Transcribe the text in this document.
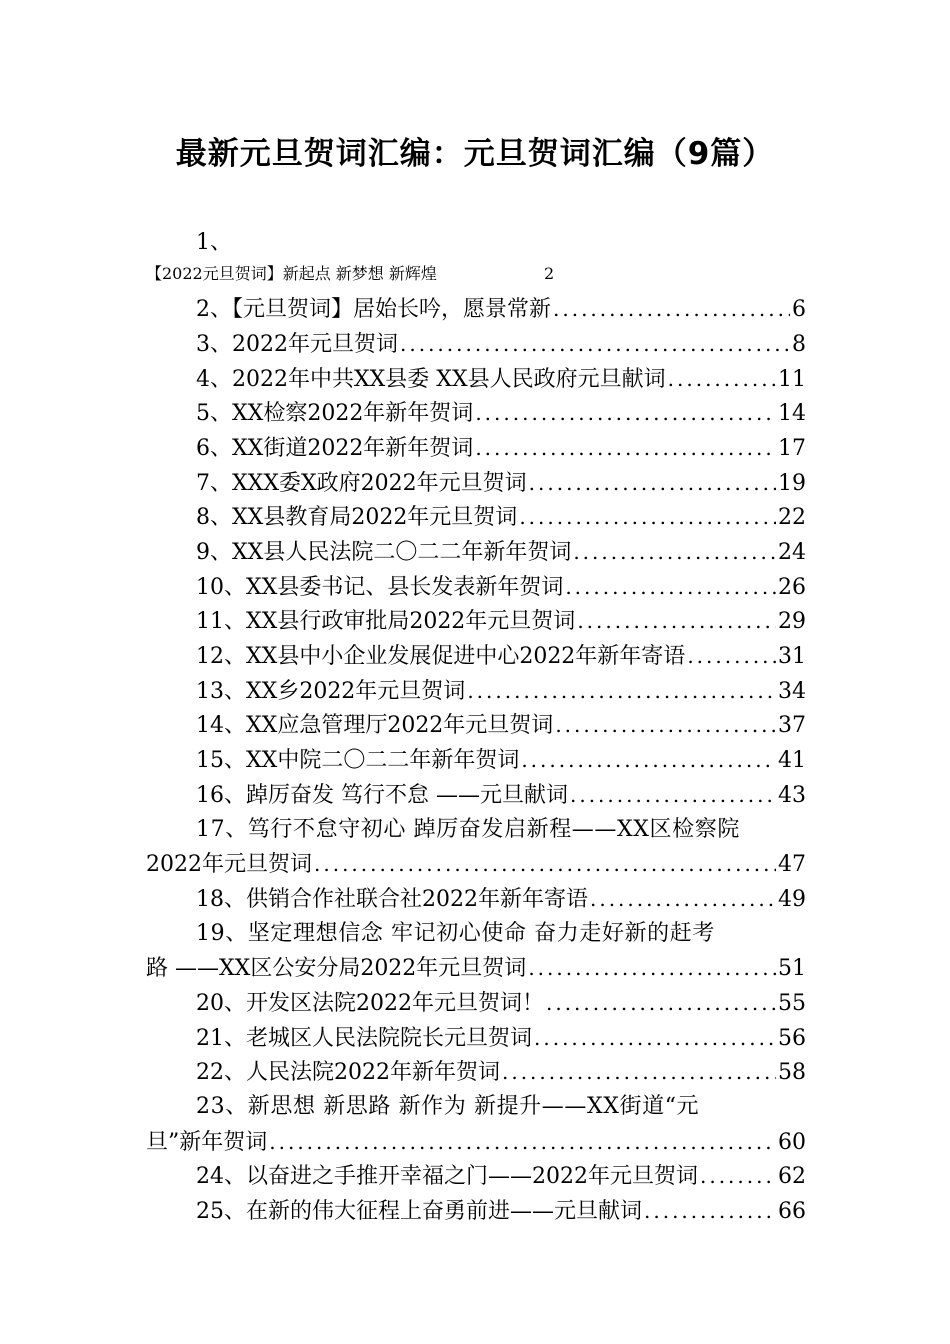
最新元旦贺词汇编：元旦贺词汇编（9篇）
1、
【2022元旦贺词】新起点 新梦想 新辉煌	2
2、【元旦贺词】居始长吟，愿景常新 .....	6
3、2022年元旦贺词 .....	8
4、2022年中共XX县委 XX县人民政府元旦献词 .....	11
5、XX检察2022年新年贺词 .....	14
6、XX街道2022年新年贺词 .....	17
7、XXX委X政府2022年元旦贺词 .....	19
8、XX县教育局2022年元旦贺词 .....	22
9、XX县人民法院二〇二二年新年贺词 .....	24
10、XX县委书记、县长发表新年贺词 .....	26
11、XX县行政审批局2022年元旦贺词 .....	29
12、XX县中小企业发展促进中心2022年新年寄语 .....	31
13、XX乡2022年元旦贺词 .....	34
14、XX应急管理厅2022年元旦贺词 .....	37
15、XX中院二〇二二年新年贺词 .....	41
16、踔厉奋发 笃行不怠 ——元旦献词 .....	43
17、笃行不怠守初心 踔厉奋发启新程——XX区检察院
2022年元旦贺词 .....	47
18、供销合作社联合社2022年新年寄语 .....	49
19、坚定理想信念 牢记初心使命 奋力走好新的赶考
路 ——XX区公安分局2022年元旦贺词 .....	51
20、开发区法院2022年元旦贺词！ .....	55
21、老城区人民法院院长元旦贺词 .....	56
22、人民法院2022年新年贺词 .....	58
23、新思想 新思路 新作为 新提升——XX街道“元
旦”新年贺词 .....	60
24、以奋进之手推开幸福之门——2022年元旦贺词 .....	62
25、在新的伟大征程上奋勇前进——元旦献词 .....	66
